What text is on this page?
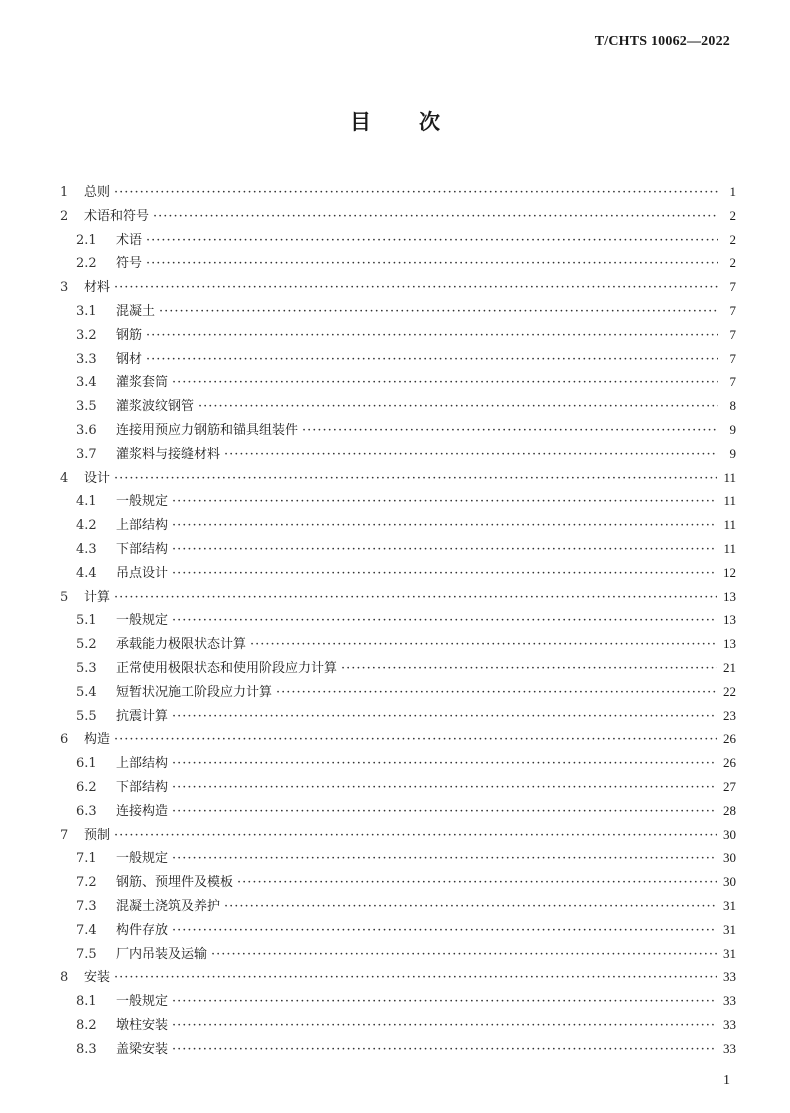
T/CHTS 10062—2022
目次
1	总则 ·····	1
2	术语和符号 ·····	2
2.1	术语 ·····	2
2.2	符号 ·····	2
3	材料 ·····	7
3.1	混凝土 ·····	7
3.2	钢筋 ·····	7
3.3	钢材 ·····	7
3.4	灌浆套筒 ·····	7
3.5	灌浆波纹钢管 ·····	8
3.6	连接用预应力钢筋和锚具组装件 ·····	9
3.7	灌浆料与接缝材料 ·····	9
4	设计 ·····	11
4.1	一般规定 ·····	11
4.2	上部结构 ·····	11
4.3	下部结构 ·····	11
4.4	吊点设计 ·····	12
5	计算 ·····	13
5.1	一般规定 ·····	13
5.2	承载能力极限状态计算 ·····	13
5.3	正常使用极限状态和使用阶段应力计算 ·····	21
5.4	短暂状况施工阶段应力计算 ·····	22
5.5	抗震计算 ·····	23
6	构造 ·····	26
6.1	上部结构 ·····	26
6.2	下部结构 ·····	27
6.3	连接构造 ·····	28
7	预制 ·····	30
7.1	一般规定 ·····	30
7.2	钢筋、预埋件及模板 ·····	30
7.3	混凝土浇筑及养护 ·····	31
7.4	构件存放 ·····	31
7.5	厂内吊装及运输 ·····	31
8	安装 ·····	33
8.1	一般规定 ·····	33
8.2	墩柱安装 ·····	33
8.3	盖梁安装 ·····	33
1
